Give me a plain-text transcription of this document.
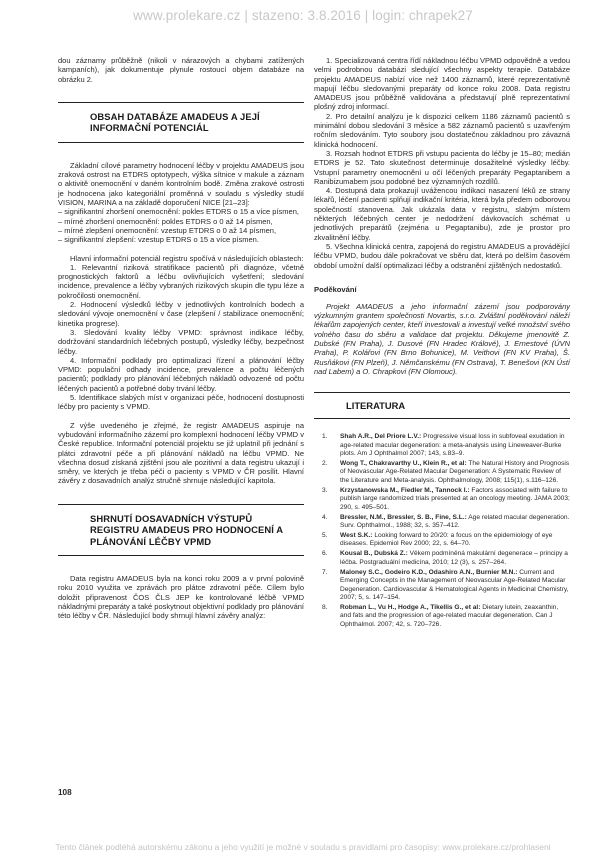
www.prolekare.cz | stazeno: 3.8.2016 | login: chrapek27

dou záznamy průběžně (nikoli v nárazových a chybami zatížených kampaních), jak dokumentuje plynule rostoucí objem databáze na obrázku 2.

OBSAH DATABÁZE AMADEUS A JEJÍ INFORMAČNÍ POTENCIÁL

Základní cílové parametry hodnocení léčby v projektu AMADEUS jsou zraková ostrost na ETDRS optotypech, výška sítnice v makule a záznam o aktivitě onemocnění v daném kontrolním bodě. Změna zrakové ostrosti je hodnocena jako kategoriální proměnná v souladu s výsledky studií VISION, MARINA a na základě doporučení NICE [21–23]:

– signifikantní zhoršení onemocnění: pokles ETDRS o 15 a více písmen,

– mírné zhoršení onemocnění: pokles ETDRS o 0 až 14 písmen,

– mírné zlepšení onemocnění: vzestup ETDRS o 0 až 14 písmen,

– signifikantní zlepšení: vzestup ETDRS o 15 a více písmen.

Hlavní informační potenciál registru spočívá v následujících oblastech:

1. Relevantní riziková stratifikace pacientů při diagnóze, včetně prognostických faktorů a léčbu ovlivňujících vyšetření; sledování incidence, prevalence a léčby vybraných rizikových skupin dle typu léze a pokročilosti onemocnění.

2. Hodnocení výsledků léčby v jednotlivých kontrolních bodech a sledování vývoje onemocnění v čase (zlepšení / stabilizace onemocnění; kinetika progrese).

3. Sledování kvality léčby VPMD: správnost indikace léčby, dodržování standardních léčebných postupů, výsledky léčby, bezpečnost léčby.

4. Informační podklady pro optimalizaci řízení a plánování léčby VPMD: populační odhady incidence, prevalence a počtu léčených pacientů; podklady pro plánování léčebných nákladů odvozené od počtu léčených pacientů a potřebné doby trvání léčby.

5. Identifikace slabých míst v organizaci péče, hodnocení dostupnosti léčby pro pacienty s VPMD.

Z výše uvedeného je zřejmé, že registr AMADEUS aspiruje na vybudování informačního zázemí pro komplexní hodnocení léčby VPMD v České republice. Informační potenciál projektu se již uplatnil při jednání s plátci zdravotní péče a při plánování nákladů na léčbu VPMD. Ne všechna dosud získaná zjištění jsou ale pozitivní a data registru ukazují i směry, ve kterých je třeba péči o pacienty s VPMD v ČR posílit. Hlavní závěry z dosavadních analýz stručně shrnuje následující kapitola.

SHRNUTÍ DOSAVADNÍCH VÝSTUPŮ REGISTRU AMADEUS PRO HODNOCENÍ A PLÁNOVÁNÍ LÉČBY VPMD

Data registru AMADEUS byla na konci roku 2009 a v první polovině roku 2010 využita ve zprávách pro plátce zdravotní péče. Cílem bylo doložit připravenost ČOS ČLS JEP ke kontrolované léčbě VPMD nákladnými preparáty a také poskytnout objektivní podklady pro plánování této léčby v ČR. Následující body shrnují hlavní závěry analýz:

1. Specializovaná centra řídí nákladnou léčbu VPMD odpovědně a vedou velmi podrobnou databázi sledující všechny aspekty terapie. Databáze projektu AMADEUS nabízí více než 1400 záznamů, které reprezentativně mapují léčbu sledovanými preparáty od konce roku 2008. Data registru AMADEUS jsou průběžně validována a představují plně reprezentativní plošný zdroj informací.

2. Pro detailní analýzu je k dispozici celkem 1186 záznamů pacientů s minimální dobou sledování 3 měsíce a 582 záznamů pacientů s uzavřeným ročním sledováním. Tyto soubory jsou dostatečnou základnou pro závazná klinická hodnocení.

3. Rozsah hodnot ETDRS při vstupu pacienta do léčby je 15–80; medián ETDRS je 52. Tato skutečnost determinuje dosažitelné výsledky léčby. Vstupní parametry onemocnění u očí léčených preparáty Pegaptanibem a Ranibizumabem jsou podobné bez významných rozdílů.

4. Dostupná data prokazují uvážencou indikaci nasazení léků ze strany lékařů, léčení pacienti splňují indikační kritéria, která byla předem odborovou společností stanovena. Jak ukázala data v registru, slabým místem některých léčebných center je nedodržení dávkovacích schémat u jednotlivých preparátů (zejména u Pegaptanibu), zde je prostor pro zkvalitnění léčby.

5. Všechna klinická centra, zapojená do registru AMADEUS a provádějící léčbu VPMD, budou dále pokračovat ve sběru dat, která po delším časovém období umožní další optimalizaci léčby a odstranění zjištěných nedostatků.

Poděkování

Projekt AMADEUS a jeho informační zázemí jsou podporovány výzkumným grantem společnosti Novartis, s.r.o. Zvláštní poděkování náleží lékařům zapojených center, kteří investovali a investují velké množství svého volného času do sběru a validace dat projektu. Děkujeme jmenovitě Z. Dubské (FN Praha), J. Dusové (FN Hradec Králové), J. Ernestové (ÚVN Praha), P. Kolářovi (FN Brno Bohunice), M. Veithovi (FN KV Praha), Š. Rusňákovi (FN Plzeň), J. Němčanskému (FN Ostrava), T. Benešovi (KN Ústí nad Labem) a O. Chrapkovi (FN Olomouc).

LITERATURA
1. Shah A.R., Del Priore L.V.: Progressive visual loss in subfoveal exudation in age-related macular degeneration: a meta-analysis using Lineweaver-Burke plots. Am J Ophthalmol 2007; 143, s.83–9.
2. Wong T., Chakravarthy U., Klein R., et al: The Natural History and Prognosis of Neovascular Age-Related Macular Degeneration: A Systematic Review of the Literature and Meta-analysis. Ophthalmology, 2008; 115(1), s.116–126.
3. Krzystanowska M., Fiedler M., Tannock I.: Factors associated with failure to publish large randomized trials presented at an oncology meeting. JAMA 2003; 290, s. 495–501.
4. Bressler, N.M., Bressler, S. B., Fine, S.L.: Age related macular degeneration. Surv. Ophthalmol., 1988; 32, s. 357–412.
5. West S.K.: Looking forward to 20/20: a focus on the epidemiology of eye diseases. Epidemiol Rev 2000; 22, s. 64–70.
6. Kousal B., Dubská Z.: Věkem podmíněná makulární degenerace – principy a léčba. Postgraduální medicína, 2010; 12 (3), s. 257–264.
7. Maloney S.C., Godeiro K.D., Odashiro A.N., Burnier M.N.: Current and Emerging Concepts in the Management of Neovascular Age-Related Macular Degeneration. Cardiovascular & Hematological Agents in Medicinal Chemistry, 2007; 5, s. 147–154.
8. Robman L., Vu H., Hodge A., Tikellis G., et al: Dietary lutein, zeaxanthin, and fats and the progression of age-related macular degeneration. Can J Ophthalmol. 2007; 42, s. 720–726.
108
Tento článek podléhá autorskému zákonu a jeho využití je možné v souladu s pravidlami pro časopisy: www.prolekare.cz/prohlaseni
